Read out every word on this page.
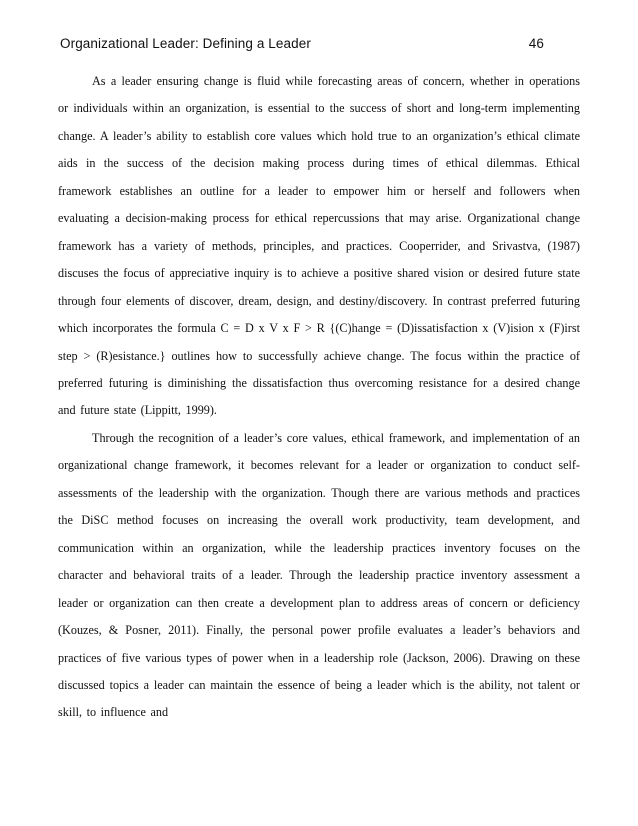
Organizational Leader: Defining a Leader	46

As a leader ensuring change is fluid while forecasting areas of concern, whether in operations or individuals within an organization, is essential to the success of short and long-term implementing change. A leader’s ability to establish core values which hold true to an organization’s ethical climate aids in the success of the decision making process during times of ethical dilemmas. Ethical framework establishes an outline for a leader to empower him or herself and followers when evaluating a decision-making process for ethical repercussions that may arise. Organizational change framework has a variety of methods, principles, and practices. Cooperrider, and Srivastva, (1987) discuses the focus of appreciative inquiry is to achieve a positive shared vision or desired future state through four elements of discover, dream, design, and destiny/discovery. In contrast preferred futuring which incorporates the formula C = D x V x F > R {(C)hange = (D)issatisfaction x (V)ision x (F)irst step > (R)esistance.} outlines how to successfully achieve change. The focus within the practice of preferred futuring is diminishing the dissatisfaction thus overcoming resistance for a desired change and future state (Lippitt, 1999).

Through the recognition of a leader’s core values, ethical framework, and implementation of an organizational change framework, it becomes relevant for a leader or organization to conduct self-assessments of the leadership with the organization. Though there are various methods and practices the DiSC method focuses on increasing the overall work productivity, team development, and communication within an organization, while the leadership practices inventory focuses on the character and behavioral traits of a leader. Through the leadership practice inventory assessment a leader or organization can then create a development plan to address areas of concern or deficiency (Kouzes, & Posner, 2011). Finally, the personal power profile evaluates a leader’s behaviors and practices of five various types of power when in a leadership role (Jackson, 2006). Drawing on these discussed topics a leader can maintain the essence of being a leader which is the ability, not talent or skill, to influence and
